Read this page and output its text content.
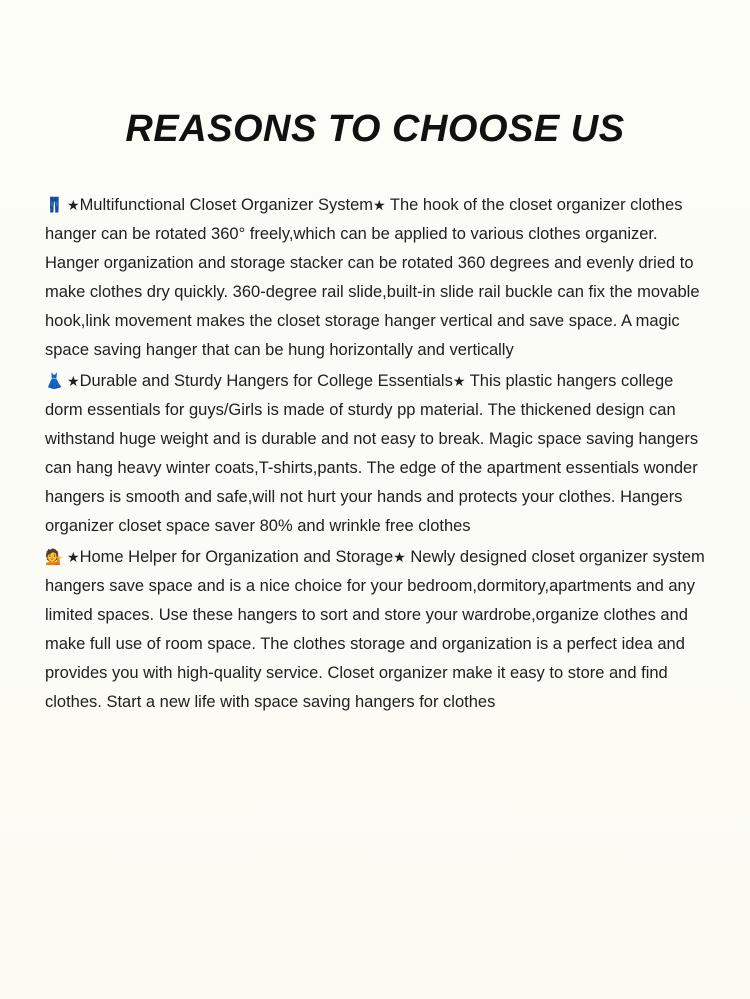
REASONS TO CHOOSE US

👖 ★Multifunctional Closet Organizer System★ The hook of the closet organizer clothes hanger can be rotated 360° freely,which can be applied to various clothes organizer. Hanger organization and storage stacker can be rotated 360 degrees and evenly dried to make clothes dry quickly. 360-degree rail slide,built-in slide rail buckle can fix the movable hook,link movement makes the closet storage hanger vertical and save space. A magic space saving hanger that can be hung horizontally and vertically

👗 ★Durable and Sturdy Hangers for College Essentials★ This plastic hangers college dorm essentials for guys/Girls is made of sturdy pp material. The thickened design can withstand huge weight and is durable and not easy to break. Magic space saving hangers can hang heavy winter coats,T-shirts,pants. The edge of the apartment essentials wonder hangers is smooth and safe,will not hurt your hands and protects your clothes. Hangers organizer closet space saver 80% and wrinkle free clothes

💁 ★Home Helper for Organization and Storage★ Newly designed closet organizer system hangers save space and is a nice choice for your bedroom,dormitory,apartments and any limited spaces. Use these hangers to sort and store your wardrobe,organize clothes and make full use of room space. The clothes storage and organization is a perfect idea and provides you with high-quality service. Closet organizer make it easy to store and find clothes. Start a new life with space saving hangers for clothes
